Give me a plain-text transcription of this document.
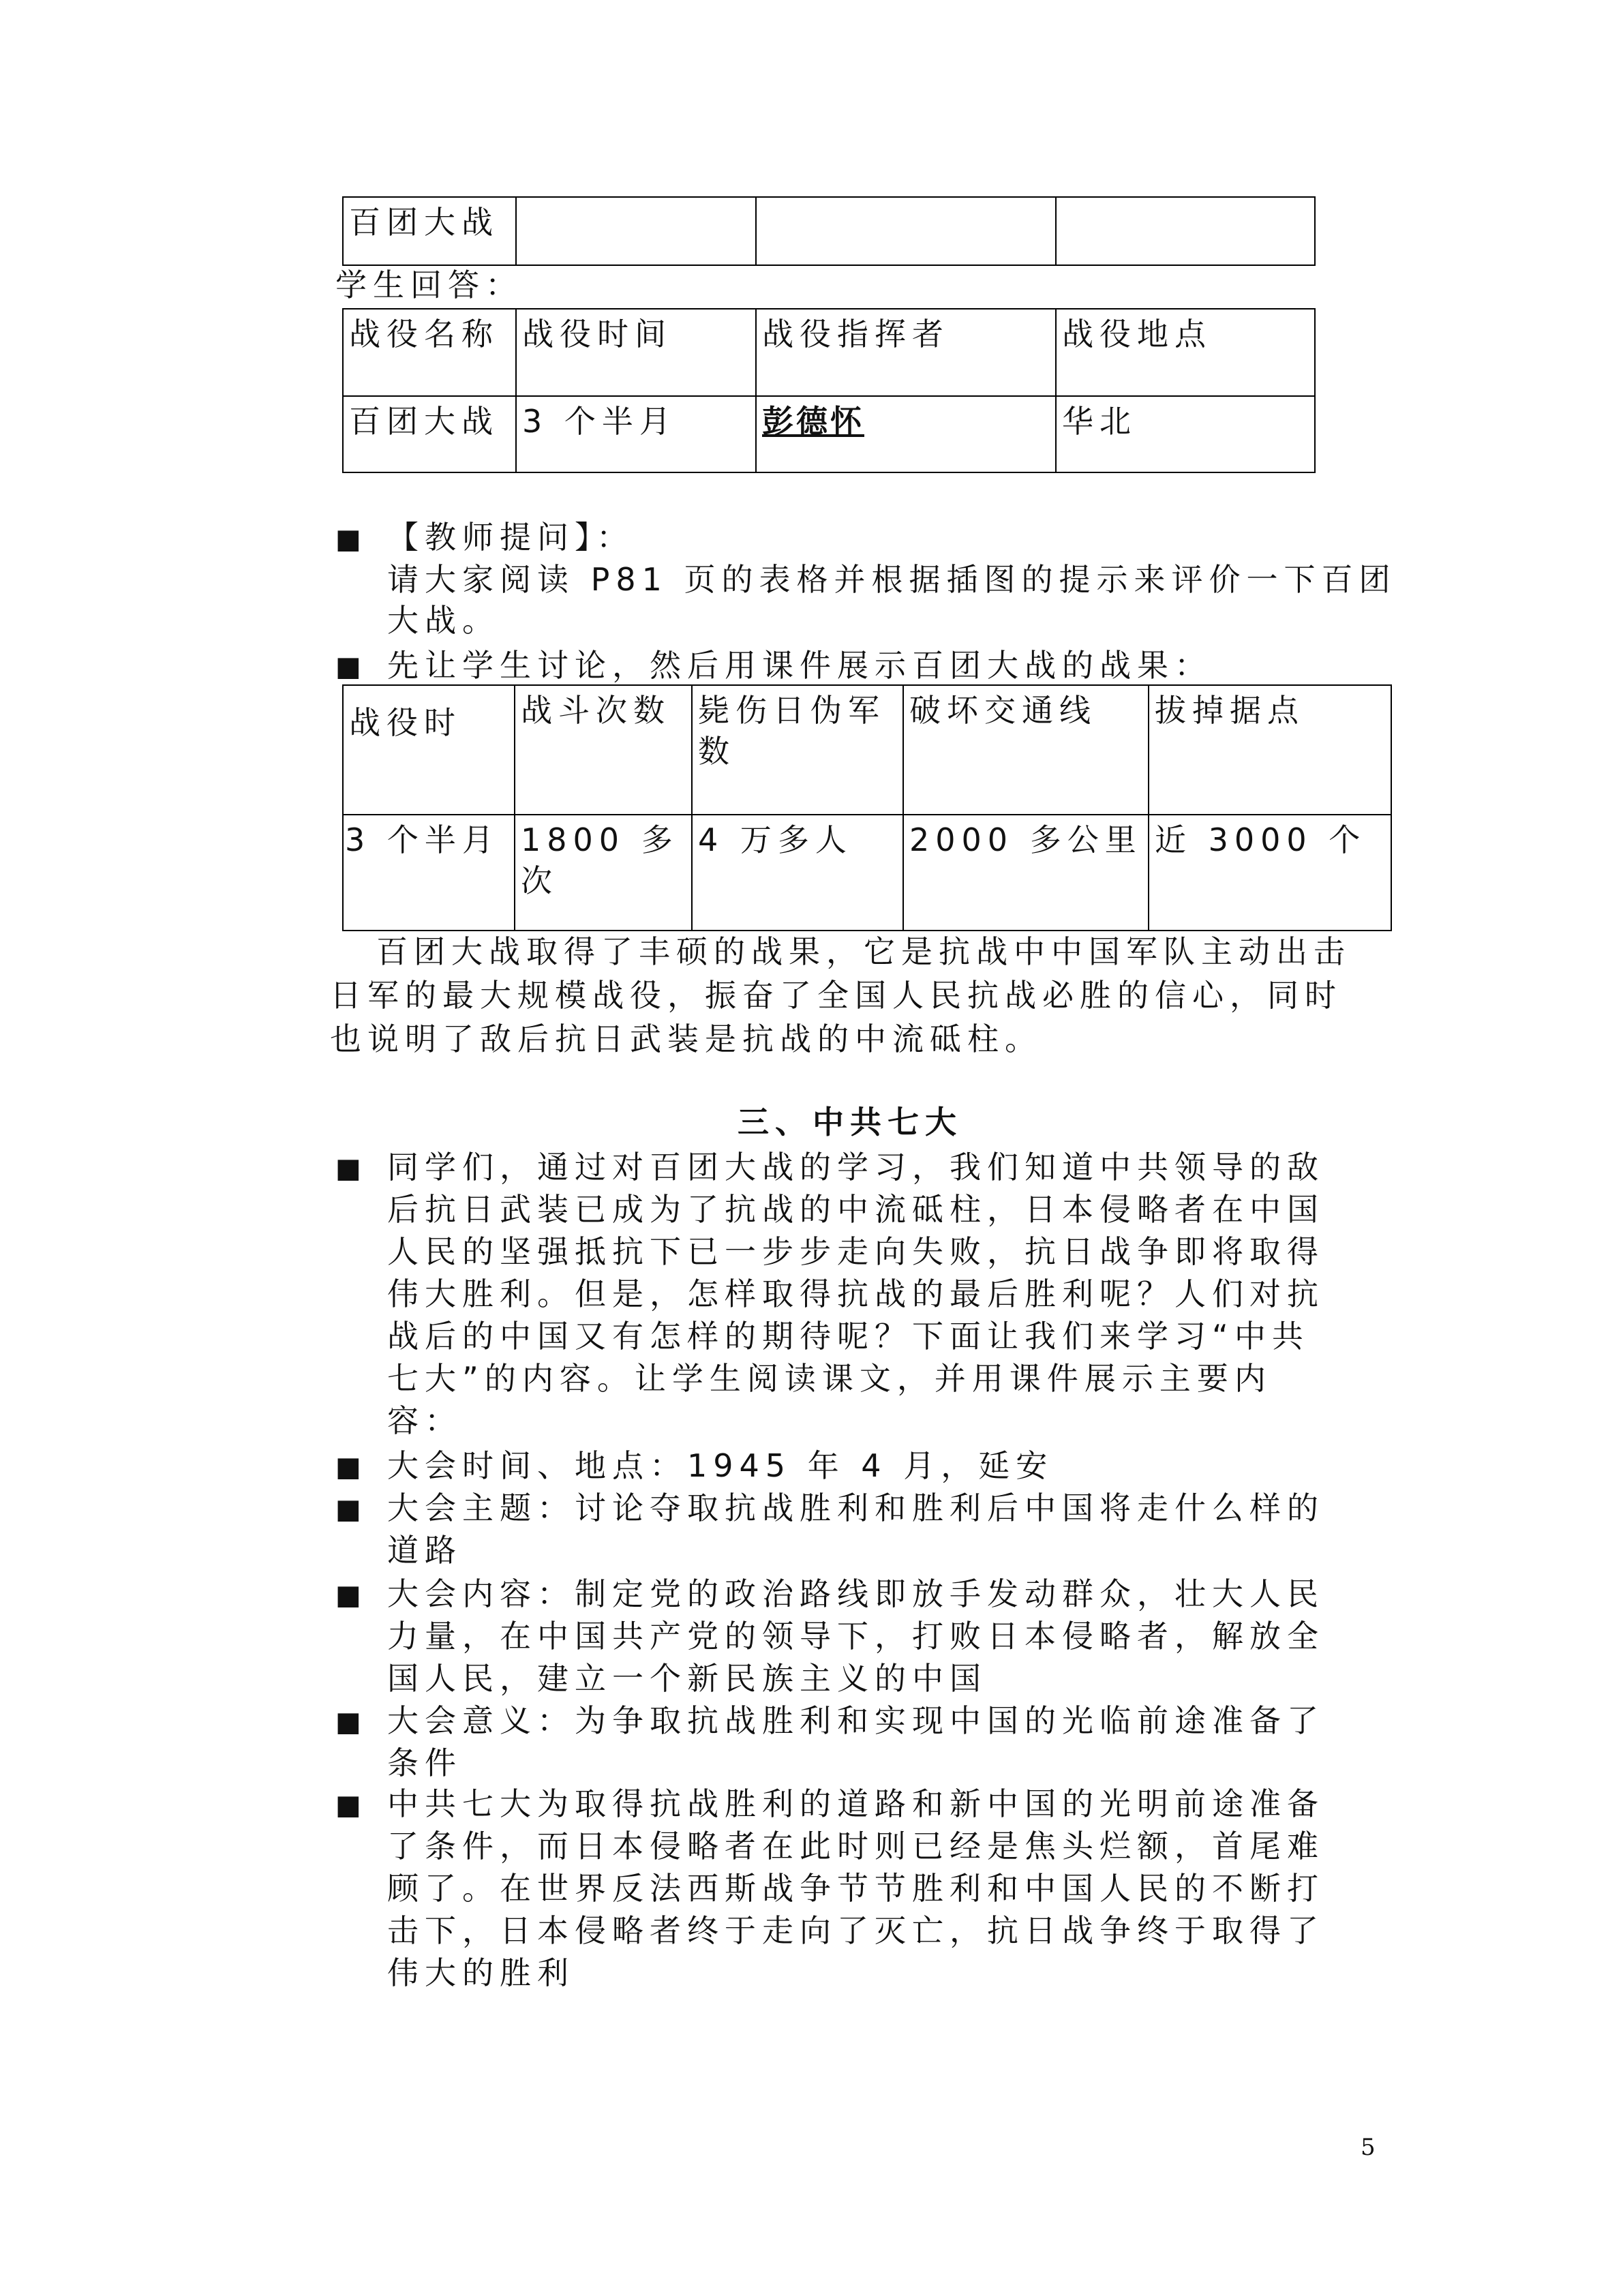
百团大战			
学生回答：
战役名称	战役时间	战役指挥者	战役地点
百团大战	3 个半月	彭德怀	华北
■ 【教师提问】：
请大家阅读 P81 页的表格并根据插图的提示来评价一下百团
大战。
■ 先让学生讨论，然后用课件展示百团大战的战果：
战役时	战斗次数	毙伤日伪军数	破坏交通线	拔掉据点
3 个半月	1800 多次	4 万多人	2000 多公里	近 3000 个
百团大战取得了丰硕的战果，它是抗战中中国军队主动出击
日军的最大规模战役，振奋了全国人民抗战必胜的信心，同时
也说明了敌后抗日武装是抗战的中流砥柱。
三、中共七大
■ 同学们，通过对百团大战的学习，我们知道中共领导的敌
后抗日武装已成为了抗战的中流砥柱，日本侵略者在中国
人民的坚强抵抗下已一步步走向失败，抗日战争即将取得
伟大胜利。但是，怎样取得抗战的最后胜利呢？人们对抗
战后的中国又有怎样的期待呢？下面让我们来学习“中共
七大”的内容。让学生阅读课文，并用课件展示主要内
容：
■ 大会时间、地点：1945 年 4 月，延安
■ 大会主题：讨论夺取抗战胜利和胜利后中国将走什么样的
道路
■ 大会内容：制定党的政治路线即放手发动群众，壮大人民
力量，在中国共产党的领导下，打败日本侵略者，解放全
国人民，建立一个新民族主义的中国
■ 大会意义：为争取抗战胜利和实现中国的光临前途准备了
条件
■ 中共七大为取得抗战胜利的道路和新中国的光明前途准备
了条件，而日本侵略者在此时则已经是焦头烂额，首尾难
顾了。在世界反法西斯战争节节胜利和中国人民的不断打
击下，日本侵略者终于走向了灭亡，抗日战争终于取得了
伟大的胜利
5
